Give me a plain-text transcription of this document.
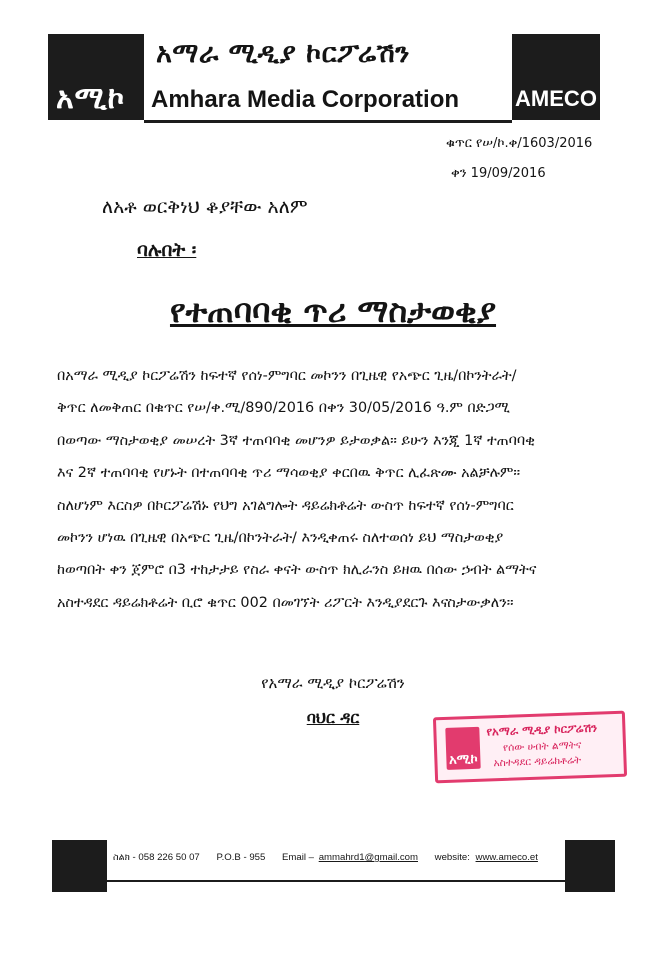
አሚኮ
አማራ ሚዲያ ኮርፖሬሽን
Amhara Media Corporation	AMECO
ቁጥር የሠ/ኮ.ቀ/1603/2016
ቀን 19/09/2016
ለአቶ ወርቅነህ ቆያቸው አለም
ባሉበት ፡
የተጠባባቂ ጥሪ ማስታወቂያ
በአማራ ሚዲያ ኮርፖሬሽን ከፍተኛ የሰነ-ምግባር መኮንን በጊዜዊ የአጭር ጊዜ/በኮንትራት/
ቅጥር ለመቅጠር በቁጥር የሠ/ቀ.ሚ/890/2016 በቀን 30/05/2016 ዓ.ም በድጋሚ
በወጣው ማስታወቂያ መሠረት 3ኛ ተጠባባቂ መሆንዎ ይታወቃል። ይሁን እንጂ 1ኛ ተጠባባቂ
እና 2ኛ ተጠባባቂ የሆኑት በተጠባባቂ ጥሪ ማሳወቂያ ቀርበዉ ቅጥር ሊፈጽሙ አልቻሉም።
ስለሆነም እርስዎ በኮርፖሬሽኑ የህግ አገልግሎት ዳይሬክቶሬት ውስጥ ከፍተኛ የሰነ-ምግባር
መኮንን ሆነዉ በጊዜዊ በአጭር ጊዜ/በኮንትራት/ እንዲቀጠሩ ስለተወሰነ ይህ ማስታወቂያ
ከወጣበት ቀን ጀምሮ በ3 ተከታታይ የስራ ቀናት ውስጥ ክሊራንስ ይዘዉ በሰው ኃብት ልማትና
አስተዳደር ዳይሬክቶሬት ቢሮ ቁጥር 002 በመገኘት ሪፖርት እንዲያደርጉ እናስታውቃለን።
የአማራ ሚዲያ ኮርፖሬሽን
ባህር ዳር
አሚኮ
የአማራ ሚዲያ ኮርፖሬሽን
የሰው ሀብት ልማትና
አስተዳደር ዳይሬክቶሬት
ስልክ - 058 226 50 07 P.O.B - 955 Email – ammahrd1@gmail.com website: www.ameco.et
